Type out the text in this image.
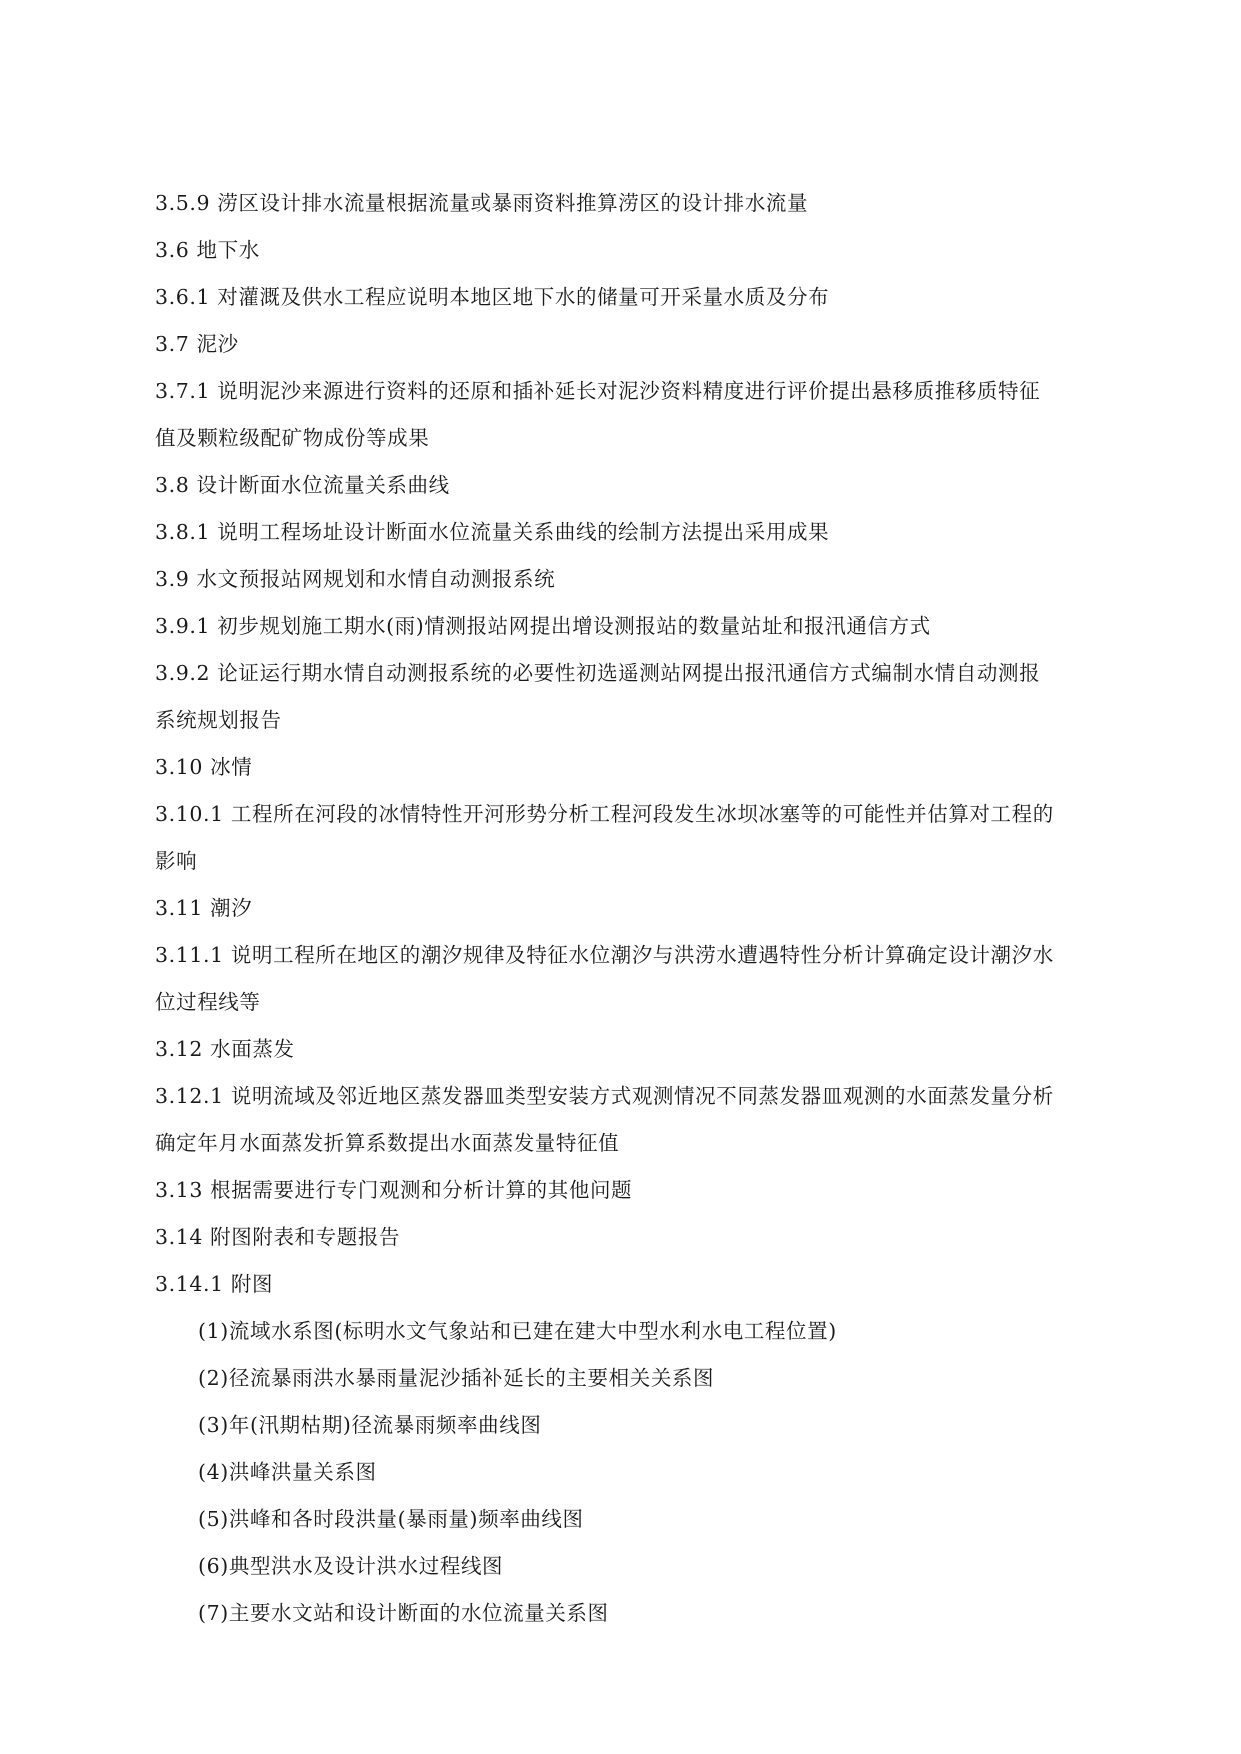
3.5.9 涝区设计排水流量根据流量或暴雨资料推算涝区的设计排水流量
3.6 地下水
3.6.1 对灌溉及供水工程应说明本地区地下水的储量可开采量水质及分布
3.7 泥沙
3.7.1 说明泥沙来源进行资料的还原和插补延长对泥沙资料精度进行评价提出悬移质推移质特征
值及颗粒级配矿物成份等成果
3.8 设计断面水位流量关系曲线
3.8.1 说明工程场址设计断面水位流量关系曲线的绘制方法提出采用成果
3.9 水文预报站网规划和水情自动测报系统
3.9.1 初步规划施工期水(雨)情测报站网提出增设测报站的数量站址和报汛通信方式
3.9.2 论证运行期水情自动测报系统的必要性初选遥测站网提出报汛通信方式编制水情自动测报
系统规划报告
3.10 冰情
3.10.1 工程所在河段的冰情特性开河形势分析工程河段发生冰坝冰塞等的可能性并估算对工程的
影响
3.11 潮汐
3.11.1 说明工程所在地区的潮汐规律及特征水位潮汐与洪涝水遭遇特性分析计算确定设计潮汐水
位过程线等
3.12 水面蒸发
3.12.1 说明流域及邻近地区蒸发器皿类型安装方式观测情况不同蒸发器皿观测的水面蒸发量分析
确定年月水面蒸发折算系数提出水面蒸发量特征值
3.13 根据需要进行专门观测和分析计算的其他问题
3.14 附图附表和专题报告
3.14.1 附图
(1)流域水系图(标明水文气象站和已建在建大中型水利水电工程位置)
(2)径流暴雨洪水暴雨量泥沙插补延长的主要相关关系图
(3)年(汛期枯期)径流暴雨频率曲线图
(4)洪峰洪量关系图
(5)洪峰和各时段洪量(暴雨量)频率曲线图
(6)典型洪水及设计洪水过程线图
(7)主要水文站和设计断面的水位流量关系图
